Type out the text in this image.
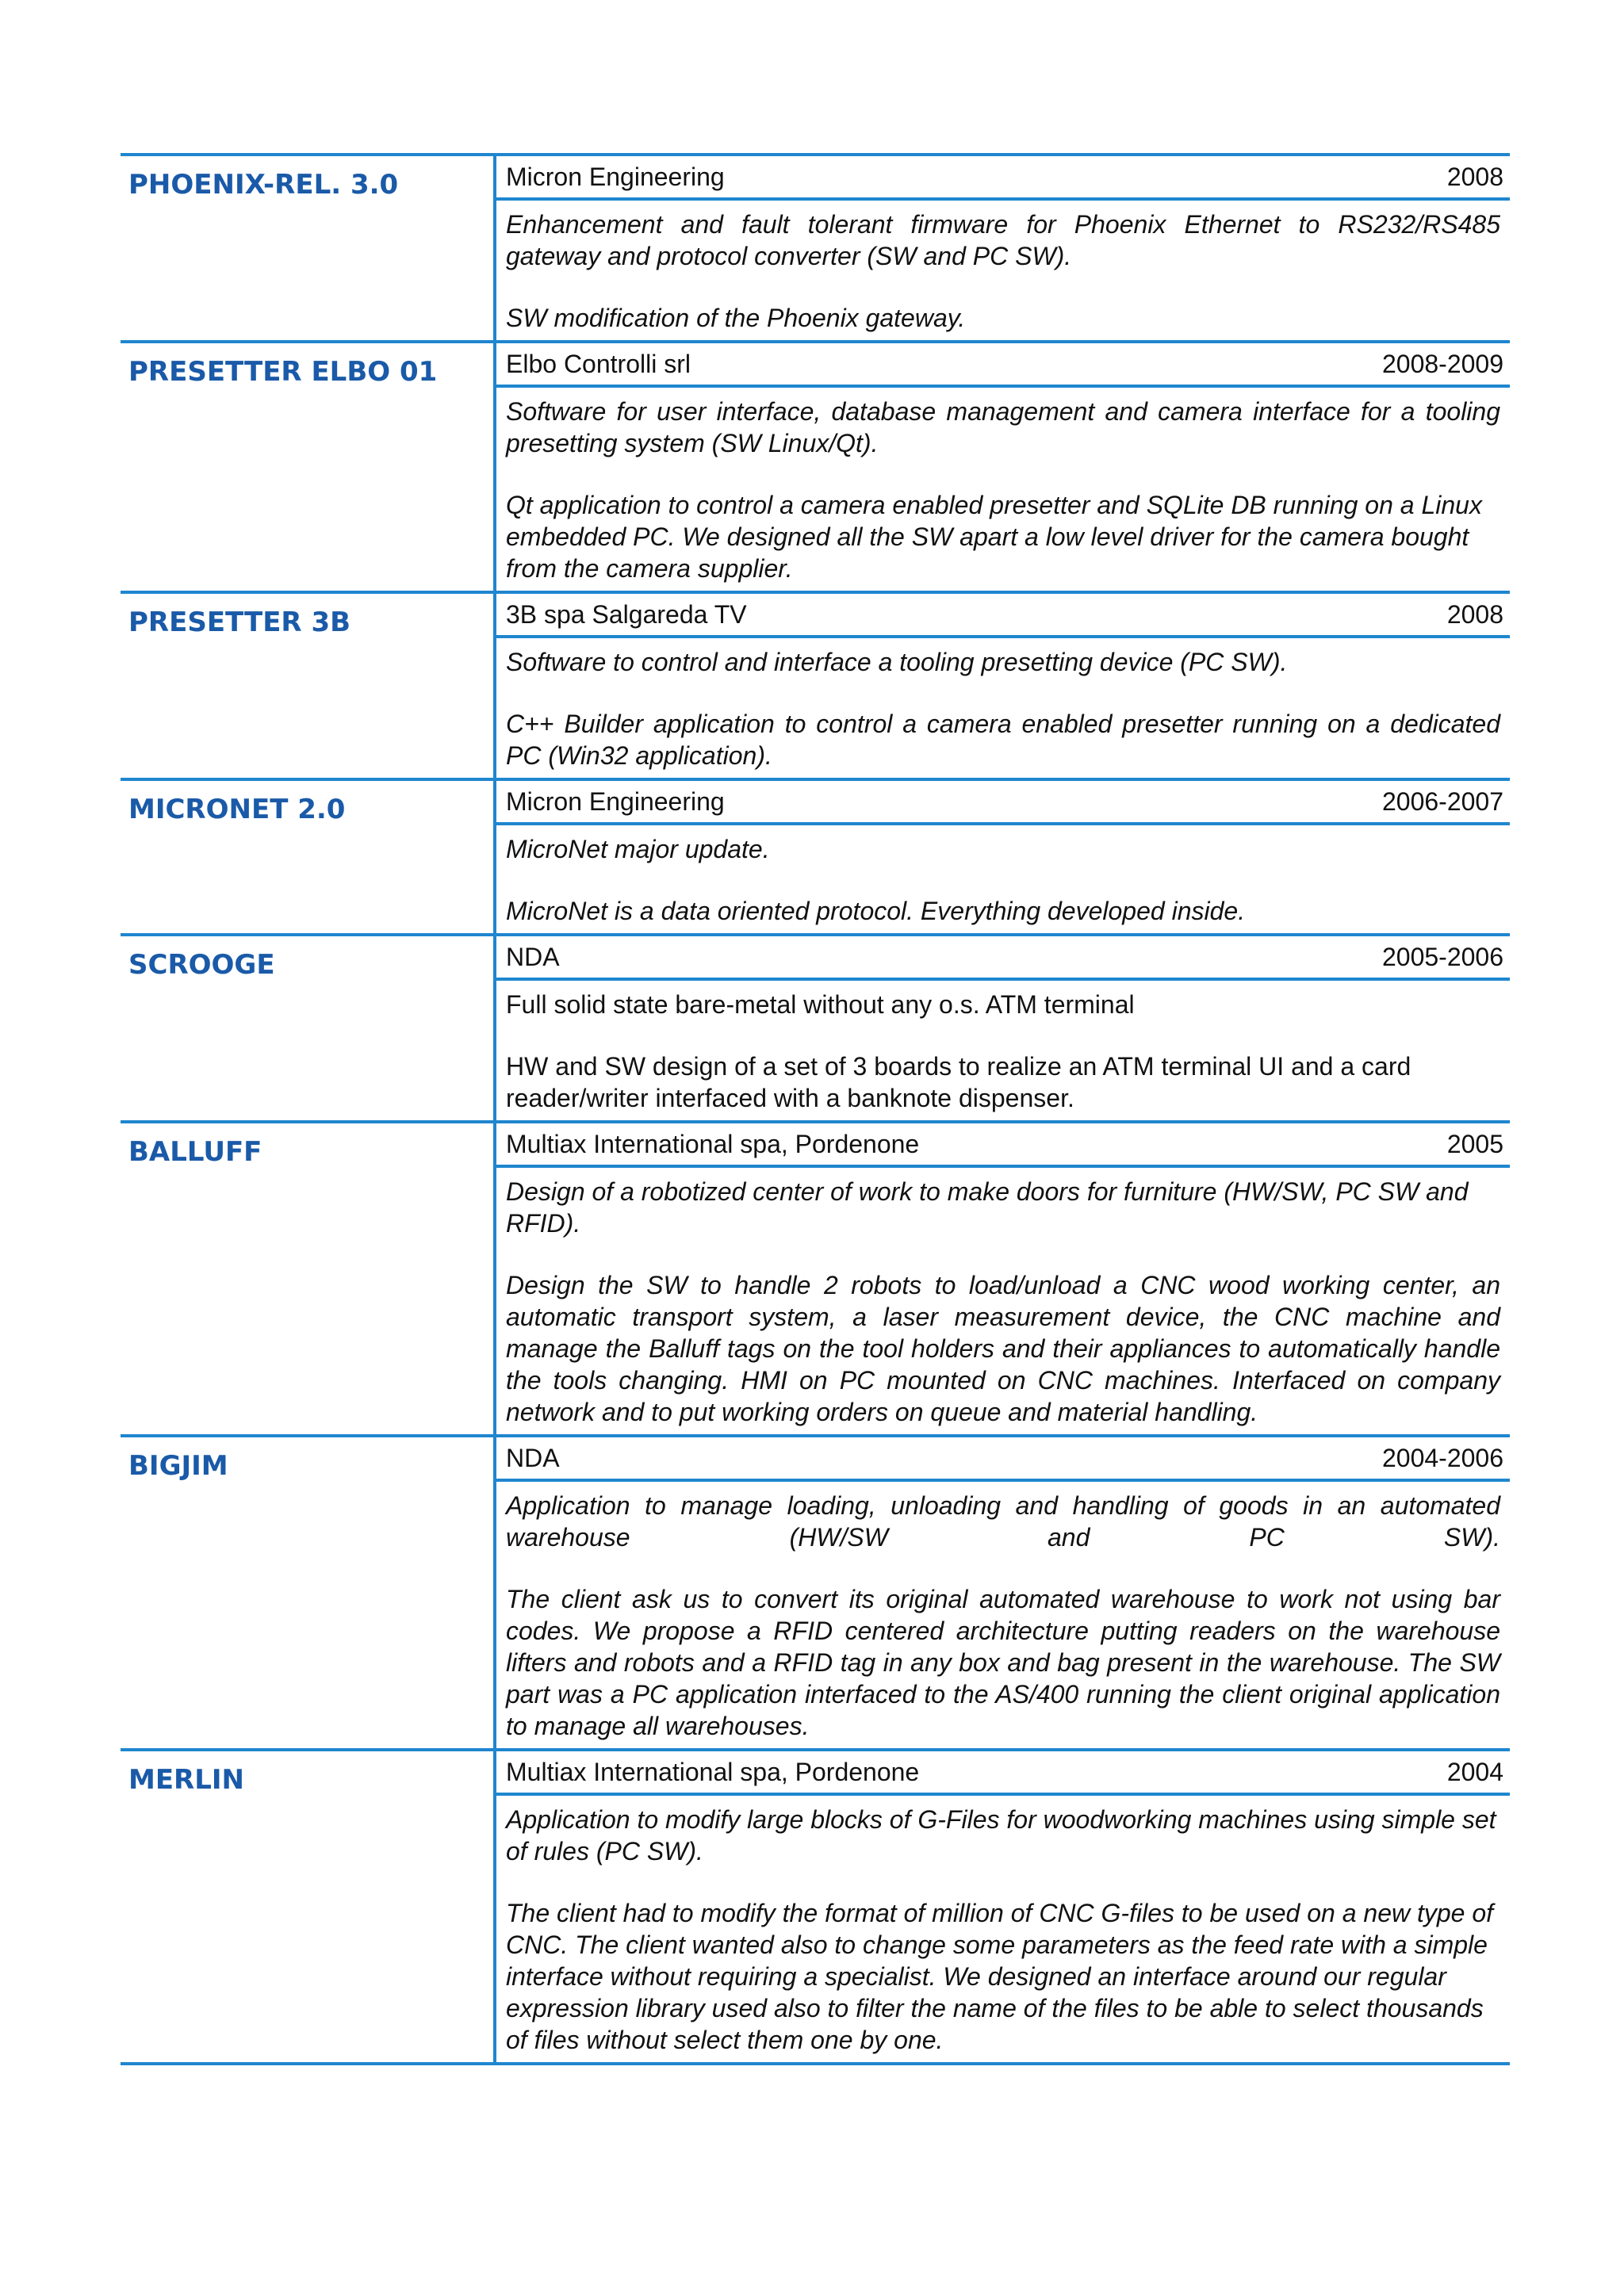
PHOENIX-REL. 3.0	Micron Engineering	2008

Enhancement and fault tolerant firmware for Phoenix Ethernet to RS232/RS485 gateway and protocol converter (SW and PC SW).

SW modification of the Phoenix gateway.

PRESETTER ELBO 01	Elbo Controlli srl	2008-2009

Software for user interface, database management and camera interface for a tooling presetting system (SW Linux/Qt).

Qt application to control a camera enabled presetter and SQLite DB running on a Linux embedded PC. We designed all the SW apart a low level driver for the camera bought from the camera supplier.

PRESETTER 3B	3B spa Salgareda TV	2008

Software to control and interface a tooling presetting device (PC SW).

C++ Builder application to control a camera enabled presetter running on a dedicated PC (Win32 application).

MICRONET 2.0	Micron Engineering	2006-2007

MicroNet major update.

MicroNet is a data oriented protocol. Everything developed inside.

SCROOGE	NDA	2005-2006

Full solid state bare-metal without any o.s. ATM terminal

HW and SW design of a set of 3 boards to realize an ATM terminal UI and a card reader/writer interfaced with a banknote dispenser.

BALLUFF	Multiax International spa, Pordenone	2005

Design of a robotized center of work to make doors for furniture (HW/SW, PC SW and RFID).

Design the SW to handle 2 robots to load/unload a CNC wood working center, an automatic transport system, a laser measurement device, the CNC machine and manage the Balluff tags on the tool holders and their appliances to automatically handle the tools changing. HMI on PC mounted on CNC machines. Interfaced on company network and to put working orders on queue and material handling.

BIGJIM	NDA	2004-2006

Application to manage loading, unloading and handling of goods in an automated warehouse (HW/SW and PC SW).

The client ask us to convert its original automated warehouse to work not using bar codes. We propose a RFID centered architecture putting readers on the warehouse lifters and robots and a RFID tag in any box and bag present in the warehouse. The SW part was a PC application interfaced to the AS/400 running the client original application to manage all warehouses.

MERLIN	Multiax International spa, Pordenone	2004

Application to modify large blocks of G-Files for woodworking machines using simple set of rules (PC SW).

The client had to modify the format of million of CNC G-files to be used on a new type of CNC. The client wanted also to change some parameters as the feed rate with a simple interface without requiring a specialist. We designed an interface around our regular expression library used also to filter the name of the files to be able to select thousands of files without select them one by one.
